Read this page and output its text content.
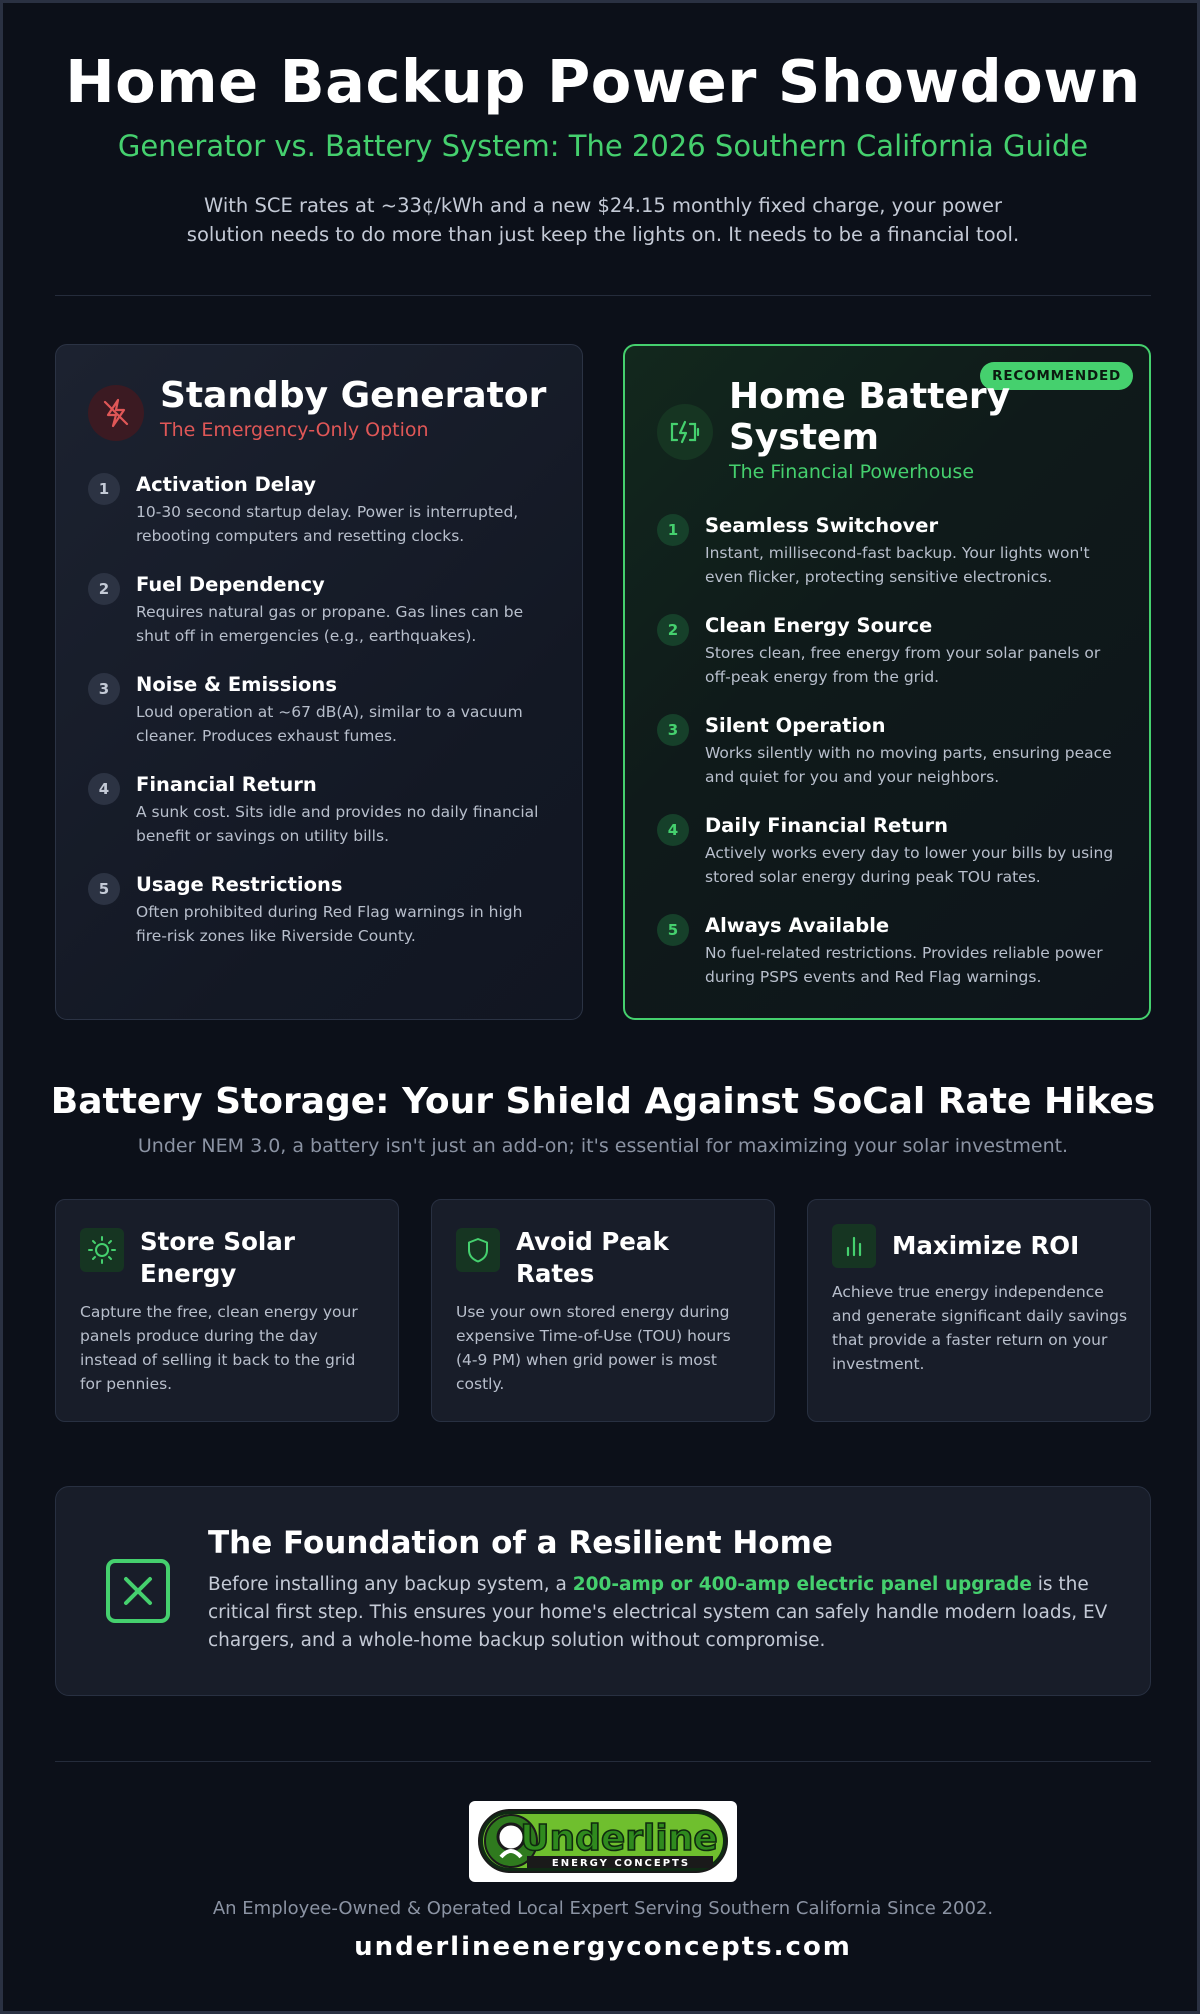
Home Backup Power Showdown
Generator vs. Battery System: The 2026 Southern California Guide
With SCE rates at ~33¢/kWh and a new $24.15 monthly fixed charge, your power solution needs to do more than just keep the lights on. It needs to be a financial tool.
Standby Generator
The Emergency-Only Option
1	Activation Delay
10-30 second startup delay. Power is interrupted, rebooting computers and resetting clocks.
2	Fuel Dependency
Requires natural gas or propane. Gas lines can be shut off in emergencies (e.g., earthquakes).
3	Noise & Emissions
Loud operation at ~67 dB(A), similar to a vacuum cleaner. Produces exhaust fumes.
4	Financial Return
A sunk cost. Sits idle and provides no daily financial benefit or savings on utility bills.
5	Usage Restrictions
Often prohibited during Red Flag warnings in high fire-risk zones like Riverside County.
RECOMMENDED
Home Battery
System
The Financial Powerhouse
1	Seamless Switchover
Instant, millisecond-fast backup. Your lights won't even flicker, protecting sensitive electronics.
2	Clean Energy Source
Stores clean, free energy from your solar panels or off-peak energy from the grid.
3	Silent Operation
Works silently with no moving parts, ensuring peace and quiet for you and your neighbors.
4	Daily Financial Return
Actively works every day to lower your bills by using stored solar energy during peak TOU rates.
5	Always Available
No fuel-related restrictions. Provides reliable power during PSPS events and Red Flag warnings.
Battery Storage: Your Shield Against SoCal Rate Hikes
Under NEM 3.0, a battery isn't just an add-on; it's essential for maximizing your solar investment.
Store Solar
Energy
Capture the free, clean energy your panels produce during the day instead of selling it back to the grid for pennies.
Avoid Peak
Rates
Use your own stored energy during expensive Time-of-Use (TOU) hours (4-9 PM) when grid power is most costly.
Maximize ROI
Achieve true energy independence and generate significant daily savings that provide a faster return on your investment.
The Foundation of a Resilient Home
Before installing any backup system, a 200-amp or 400-amp electric panel upgrade is the critical first step. This ensures your home's electrical system can safely handle modern loads, EV chargers, and a whole-home backup solution without compromise.
Underline
ENERGY CONCEPTS
An Employee-Owned & Operated Local Expert Serving Southern California Since 2002.
underlineenergyconcepts.com
